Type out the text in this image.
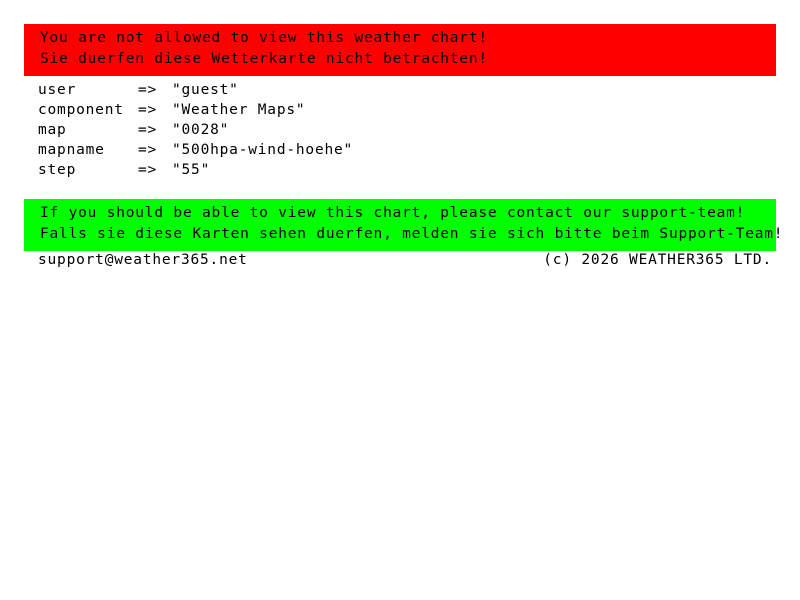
You are not allowed to view this weather chart!
Sie duerfen diese Wetterkarte nicht betrachten!
user	=>	"guest"
component	=>	"Weather Maps"
map	=>	"0028"
mapname	=>	"500hpa-wind-hoehe"
step	=>	"55"
If you should be able to view this chart, please contact our support-team!
Falls sie diese Karten sehen duerfen, melden sie sich bitte beim Support-Team!
support@weather365.net	(c) 2026 WEATHER365 LTD.
